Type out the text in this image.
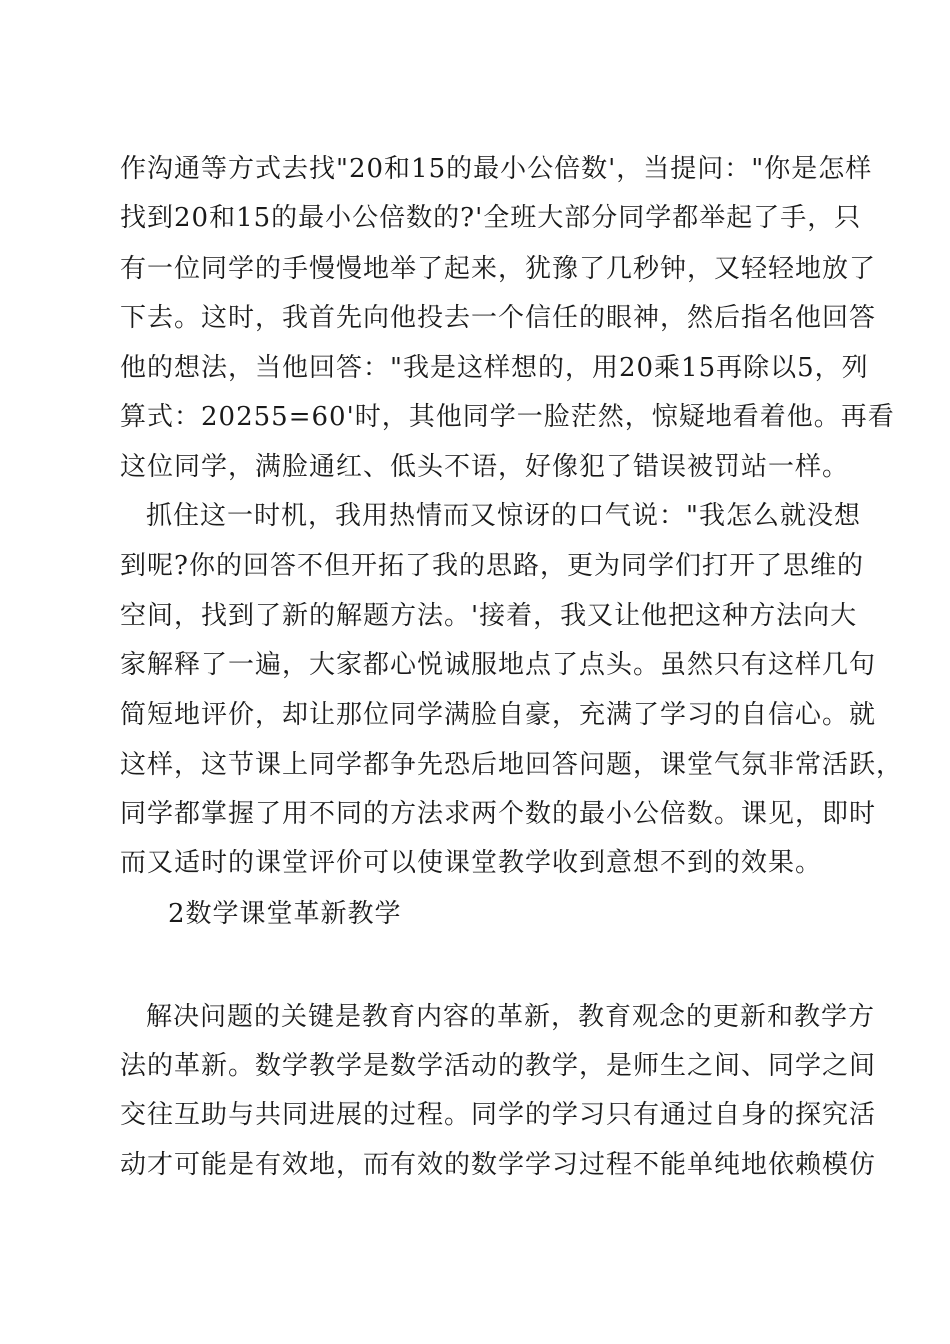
作沟通等方式去找"20和15的最小公倍数'，当提问："你是怎样
找到20和15的最小公倍数的?'全班大部分同学都举起了手，只
有一位同学的手慢慢地举了起来，犹豫了几秒钟，又轻轻地放了
下去。这时，我首先向他投去一个信任的眼神，然后指名他回答
他的想法，当他回答："我是这样想的，用20乘15再除以5，列
算式：20255=60'时，其他同学一脸茫然，惊疑地看着他。再看
这位同学，满脸通红、低头不语，好像犯了错误被罚站一样。
抓住这一时机，我用热情而又惊讶的口气说："我怎么就没想
到呢?你的回答不但开拓了我的思路，更为同学们打开了思维的
空间，找到了新的解题方法。'接着，我又让他把这种方法向大
家解释了一遍，大家都心悦诚服地点了点头。虽然只有这样几句
简短地评价，却让那位同学满脸自豪，充满了学习的自信心。就
这样，这节课上同学都争先恐后地回答问题，课堂气氛非常活跃，
同学都掌握了用不同的方法求两个数的最小公倍数。课见，即时
而又适时的课堂评价可以使课堂教学收到意想不到的效果。
2数学课堂革新教学
解决问题的关键是教育内容的革新，教育观念的更新和教学方
法的革新。数学教学是数学活动的教学，是师生之间、同学之间
交往互助与共同进展的过程。同学的学习只有通过自身的探究活
动才可能是有效地，而有效的数学学习过程不能单纯地依赖模仿
